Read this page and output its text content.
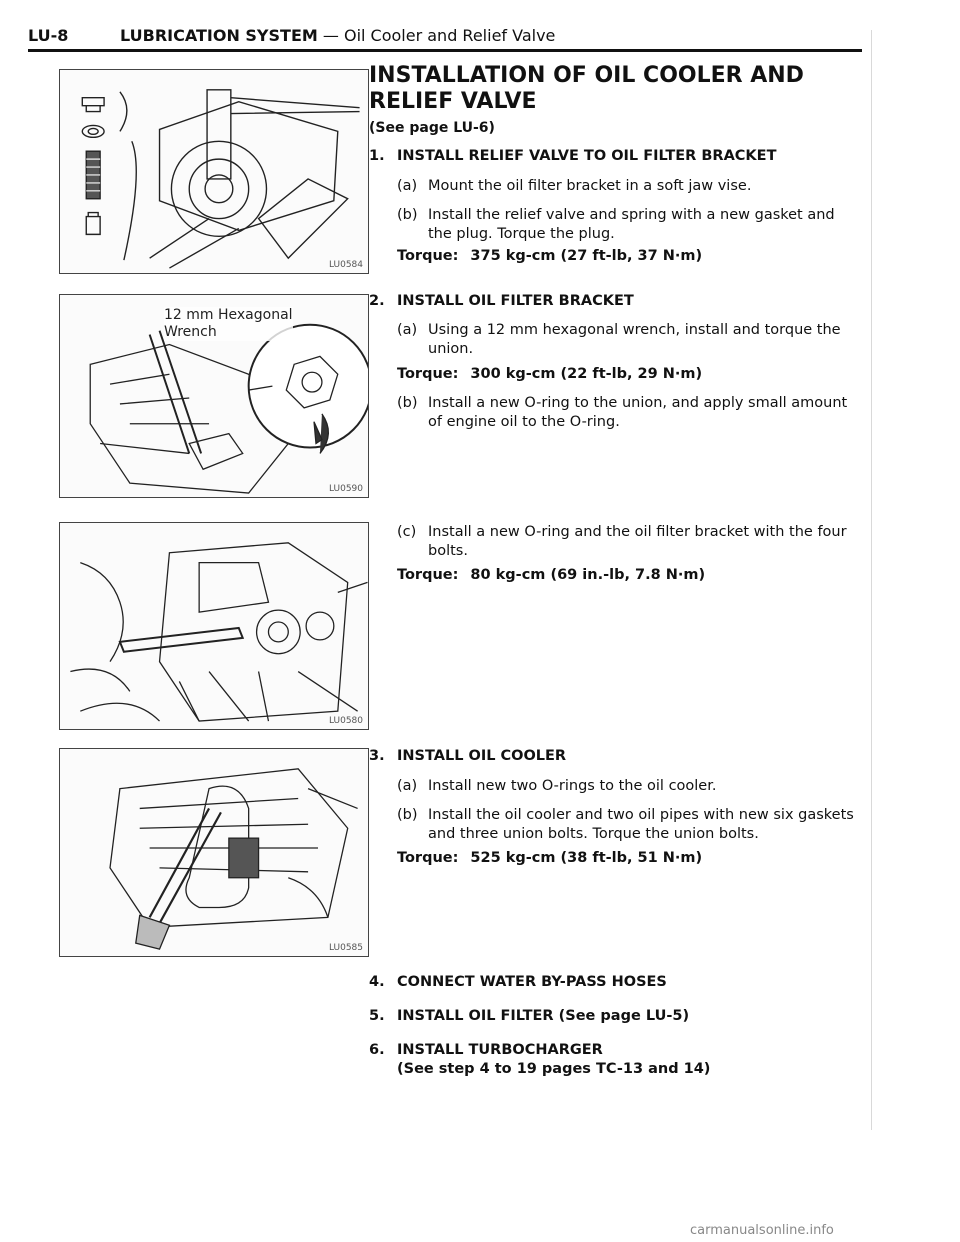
LU-8	LUBRICATION SYSTEM — Oil Cooler and Relief Valve
LU0584
12 mm Hexagonal
Wrench
LU0590
LU0580
LU0585
INSTALLATION OF OIL COOLER AND RELIEF VALVE
(See page LU-6)
1. INSTALL RELIEF VALVE TO OIL FILTER BRACKET
(a) Mount the oil filter bracket in a soft jaw vise.
(b) Install the relief valve and spring with a new gasket and the plug. Torque the plug.
Torque: 375 kg-cm (27 ft-lb, 37 N·m)
2. INSTALL OIL FILTER BRACKET
(a) Using a 12 mm hexagonal wrench, install and torque the union.
Torque: 300 kg-cm (22 ft-lb, 29 N·m)
(b) Install a new O-ring to the union, and apply small amount of engine oil to the O-ring.
(c) Install a new O-ring and the oil filter bracket with the four bolts.
Torque: 80 kg-cm (69 in.-lb, 7.8 N·m)
3. INSTALL OIL COOLER
(a) Install new two O-rings to the oil cooler.
(b) Install the oil cooler and two oil pipes with new six gaskets and three union bolts. Torque the union bolts.
Torque: 525 kg-cm (38 ft-lb, 51 N·m)
4. CONNECT WATER BY-PASS HOSES
5. INSTALL OIL FILTER (See page LU-5)
6. INSTALL TURBOCHARGER
(See step 4 to 19 pages TC-13 and 14)
carmanualsonline.info
